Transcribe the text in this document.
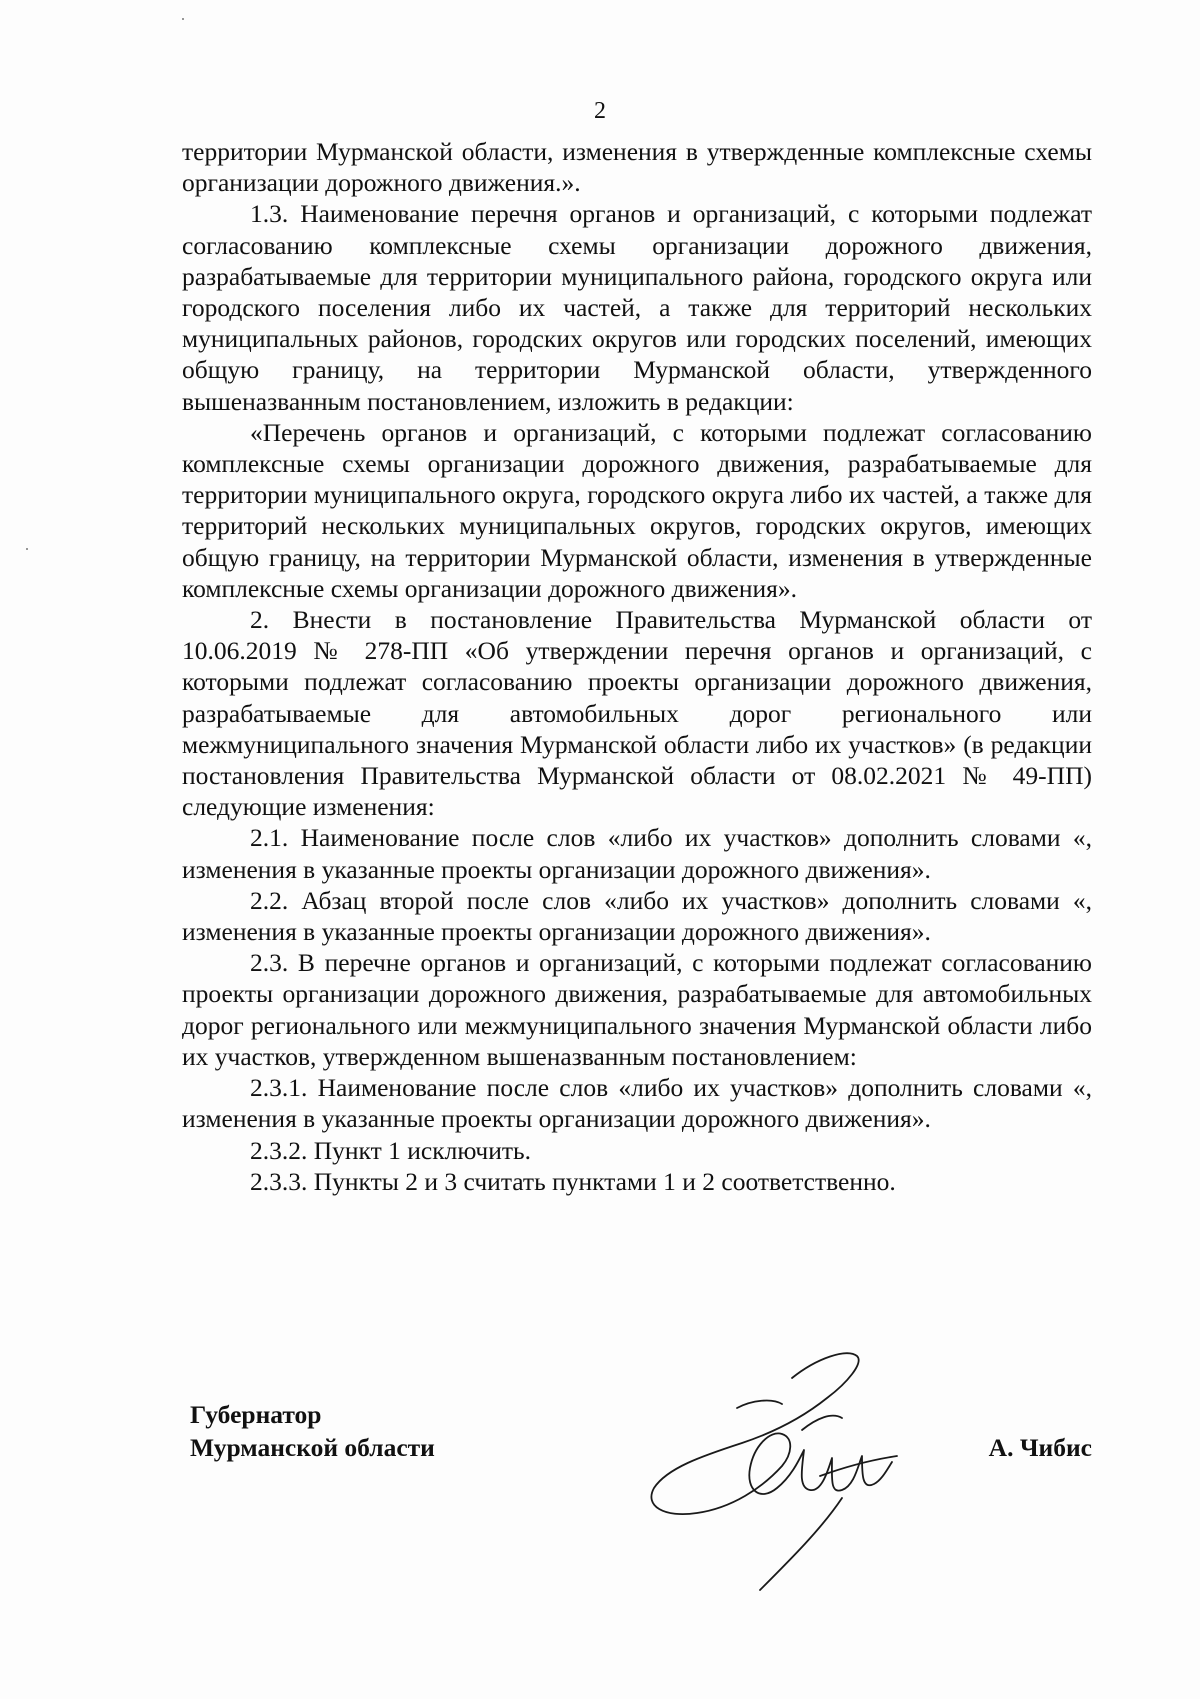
2

территории Мурманской области, изменения в утвержденные комплексные схемы организации дорожного движения.».

1.3. Наименование перечня органов и организаций, с которыми подлежат согласованию комплексные схемы организации дорожного движения, разрабатываемые для территории муниципального района, городского округа или городского поселения либо их частей, а также для территорий нескольких муниципальных районов, городских округов или городских поселений, имеющих общую границу, на территории Мурманской области, утвержденного вышеназванным постановлением, изложить в редакции:

«Перечень органов и организаций, с которыми подлежат согласованию комплексные схемы организации дорожного движения, разрабатываемые для территории муниципального округа, городского округа либо их частей, а также для территорий нескольких муниципальных округов, городских округов, имеющих общую границу, на территории Мурманской области, изменения в утвержденные комплексные схемы организации дорожного движения».

2. Внести в постановление Правительства Мурманской области от 10.06.2019 № 278-ПП «Об утверждении перечня органов и организаций, с которыми подлежат согласованию проекты организации дорожного движения, разрабатываемые для автомобильных дорог регионального или межмуниципального значения Мурманской области либо их участков» (в редакции постановления Правительства Мурманской области от 08.02.2021 № 49-ПП) следующие изменения:

2.1. Наименование после слов «либо их участков» дополнить словами «, изменения в указанные проекты организации дорожного движения».

2.2. Абзац второй после слов «либо их участков» дополнить словами «, изменения в указанные проекты организации дорожного движения».

2.3. В перечне органов и организаций, с которыми подлежат согласованию проекты организации дорожного движения, разрабатываемые для автомобильных дорог регионального или межмуниципального значения Мурманской области либо их участков, утвержденном вышеназванным постановлением:

2.3.1. Наименование после слов «либо их участков» дополнить словами «, изменения в указанные проекты организации дорожного движения».

2.3.2. Пункт 1 исключить.

2.3.3. Пункты 2 и 3 считать пунктами 1 и 2 соответственно.

Губернатор
Мурманской области	А. Чибис
